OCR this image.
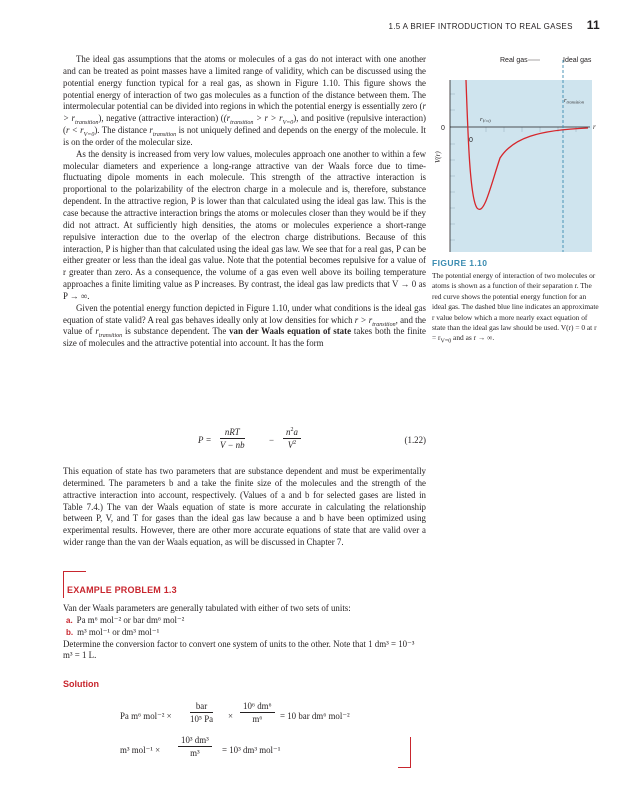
1.5 A BRIEF INTRODUCTION TO REAL GASES 11

The ideal gas assumptions that the atoms or molecules of a gas do not interact with one another and can be treated as point masses have a limited range of validity, which can be discussed using the potential energy function typical for a real gas, as shown in Figure 1.10. This figure shows the potential energy of interaction of two gas molecules as a function of the distance between them. The intermolecular potential can be divided into regions in which the potential energy is essentially zero $(r > r_{transition})$, negative (attractive interaction) ($(r_{transition} > r > r_{V=0})$, and positive (repulsive interaction) $(r < r_{V=0})$. The distance $r_{transition}$ is not uniquely defined and depends on the energy of the molecule. It is on the order of the molecular size.

As the density is increased from very low values, molecules approach one another to within a few molecular diameters and experience a long-range attractive van der Waals force due to time-fluctuating dipole moments in each molecule. This strength of the attractive interaction is proportional to the polarizability of the electron charge in a molecule and is, therefore, substance dependent. In the attractive region, P is lower than that calculated using the ideal gas law. This is the case because the attractive interaction brings the atoms or molecules closer than they would be if they did not attract. At sufficiently high densities, the atoms or molecules experience a short-range repulsive interaction due to the overlap of the electron charge distributions. Because of this interaction, P is higher than that calculated using the ideal gas law. We see that for a real gas, P can be either greater or less than the ideal gas value. Note that the potential becomes repulsive for a value of r greater than zero. As a consequence, the volume of a gas even well above its boiling temperature approaches a finite limiting value as P increases. By contrast, the ideal gas law predicts that V → 0 as P → ∞.

Given the potential energy function depicted in Figure 1.10, under what conditions is the ideal gas equation of state valid? A real gas behaves ideally only at low densities for which $r > r_{transition}$, and the value of $r_{transition}$ is substance dependent. The van der Waals equation of state takes both the finite size of molecules and the attractive potential into account. It has the form

P =
nRT
V − nb	− $\frac{n^2a}{V^2}$	(1.22)

This equation of state has two parameters that are substance dependent and must be experimentally determined. The parameters b and a take the finite size of the molecules and the strength of the attractive interaction into account, respectively. (Values of a and b for selected gases are listed in Table 7.4.) The van der Waals equation of state is more accurate in calculating the relationship between P, V, and T for gases than the ideal gas law because a and b have been optimized using experimental results. However, there are other more accurate equations of state that are valid over a wider range than the van der Waals equation, as will be discussed in Chapter 7.

Real gas	Ideal gas
$r_{transition}$
$r_{V=0}$
r
0
0
V(r)
FIGURE 1.10
The potential energy of interaction of two molecules or atoms is shown as a function of their separation r. The red curve shows the potential energy function for an ideal gas. The dashed blue line indicates an approximate r value below which a more nearly exact equation of state than the ideal gas law should be used. V(r) = 0 at $r = r_{V=0}$ and as r → ∞.
EXAMPLE PROBLEM 1.3
Van der Waals parameters are generally tabulated with either of two sets of units:
a. Pa m⁶ mol⁻² or bar dm⁶ mol⁻²
b. m³ mol⁻¹ or dm³ mol⁻¹
Determine the conversion factor to convert one system of units to the other. Note that 1 dm³ = 10⁻³ m³ = 1 L.
Solution
Pa m⁶ mol⁻² ×
bar
10⁵ $Pa \times \frac{\text{10⁶ dm⁶}}{\text{m⁶}} = 10$ bar dm⁶ mol⁻²
m³ $mol^{-1} \times \frac{\text{10³ dm³}}{\text{m³}} = 10^3$ dm³ mol⁻¹
